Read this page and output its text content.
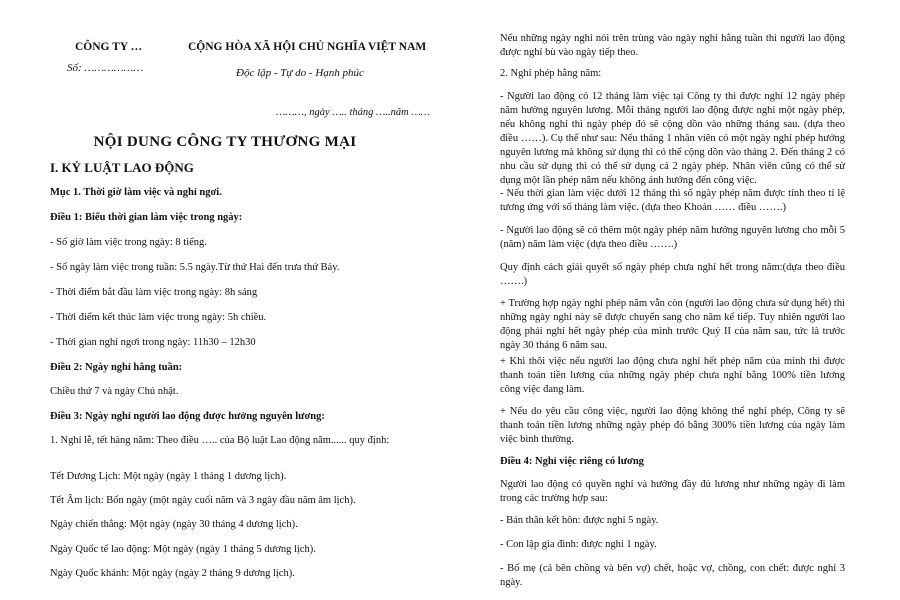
CÔNG TY …
Số: ………………
CỘNG HÒA XÃ HỘI CHỦ NGHĨA VIỆT NAM
Độc lập - Tự do - Hạnh phúc
………, ngày ….. tháng …..năm ……
NỘI DUNG CÔNG TY THƯƠNG MẠI
I. KỶ LUẬT LAO ĐỘNG
Mục 1. Thời giờ làm việc và nghỉ ngơi.
Điều 1: Biểu thời gian làm việc trong ngày:
- Số giờ làm việc trong ngày: 8 tiếng.
- Số ngày làm việc trong tuần: 5.5 ngày.Từ thứ Hai đến trưa thứ Bảy.
- Thời điểm bắt đầu làm việc trong ngày: 8h sáng
- Thời điểm kết thúc làm việc trong ngày: 5h chiều.
- Thời gian nghỉ ngơi trong ngày: 11h30 – 12h30
Điều 2: Ngày nghỉ hằng tuần:
Chiều thứ 7 và ngày Chủ nhật.
Điều 3: Ngày nghỉ người lao động được hưởng nguyên lương:
1. Nghỉ lễ, tết hàng năm: Theo điều ….. của Bộ luật Lao động năm...... quy định:
Tết Dương Lịch: Một ngày (ngày 1 tháng 1 dương lịch).
Tết Âm lịch: Bốn ngày (một ngày cuối năm và 3 ngày đầu năm âm lịch).
Ngày chiến thắng: Một ngày (ngày 30 tháng 4 dương lịch).
Ngày Quốc tế lao động: Một ngày (ngày 1 tháng 5 dương lịch).
Ngày Quốc khánh: Một ngày (ngày 2 tháng 9 dương lịch).
Nếu những ngày nghỉ nói trên trùng vào ngày nghỉ hằng tuần thì người lao động được nghỉ bù vào ngày tiếp theo.
2. Nghỉ phép hằng năm:
- Người lao động có 12 tháng làm việc tại Công ty thì được nghỉ 12 ngày phép năm hưởng nguyên lương. Mỗi tháng người lao động được nghỉ một ngày phép, nếu không nghỉ thì ngày phép đó sẽ cộng dồn vào những tháng sau. (dựa theo điều ……). Cụ thể như sau: Nếu tháng 1 nhân viên có một ngày nghỉ phép hưởng nguyên lương mà không sử dụng thì có thể cộng dồn vào tháng 2. Đến tháng 2 có nhu cầu sử dụng thì có thể sử dụng cả 2 ngày phép. Nhân viên cũng có thể sử dụng một lần phép năm nếu không ảnh hưởng đến công việc.
- Nếu thời gian làm việc dưới 12 tháng thì số ngày phép năm được tính theo tỉ lệ tương ứng với số tháng làm việc. (dựa theo Khoản …… điều …….)
- Người lao động sẽ có thêm một ngày phép năm hưởng nguyên lương cho mỗi 5 (năm) năm làm việc (dựa theo điều …….)
Quy định cách giải quyết số ngày phép chưa nghỉ hết trong năm:(dựa theo điều …….)
+ Trường hợp ngày nghỉ phép năm vẫn còn (người lao động chưa sử dụng hết) thì những ngày nghỉ này sẽ được chuyển sang cho năm kế tiếp. Tuy nhiên người lao động phải nghỉ hết ngày phép của mình trước Quý II của năm sau, tức là trước ngày 30 tháng 6 năm sau.
+ Khi thôi việc nếu người lao động chưa nghỉ hết phép năm của mình thì được thanh toán tiền lương của những ngày phép chưa nghỉ bằng 100% tiền lương công việc đang làm.
+ Nếu do yêu cầu công việc, người lao động không thể nghỉ phép, Công ty sẽ thanh toán tiền lương những ngày phép đó bằng 300% tiền lương của ngày làm việc bình thường.
Điều 4: Nghỉ việc riêng có lương
Người lao động có quyền nghỉ và hưởng đầy đủ lương như những ngày đi làm trong các trường hợp sau:
- Bản thân kết hôn: được nghỉ 5 ngày.
- Con lập gia đình: được nghỉ 1 ngày.
- Bố mẹ (cả bên chồng và bên vợ) chết, hoặc vợ, chồng, con chết: được nghỉ 3 ngày.
